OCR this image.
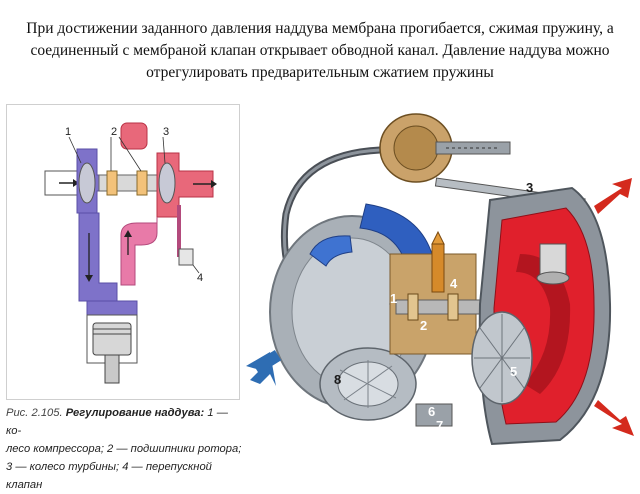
При достижении заданного давления наддува мембрана прогибается, сжимая пружину, а соединенный с мембраной клапан открывает обводной канал. Давление наддува можно отрегулировать предварительным сжатием пружины
1	2	3
4
Рис. 2.105. Регулирование наддува: 1 — ко-
лесо компрессора; 2 — подшипники ротора;
3 — колесо турбины; 4 — перепускной клапан
1
2
3
4
5
6
7
8
